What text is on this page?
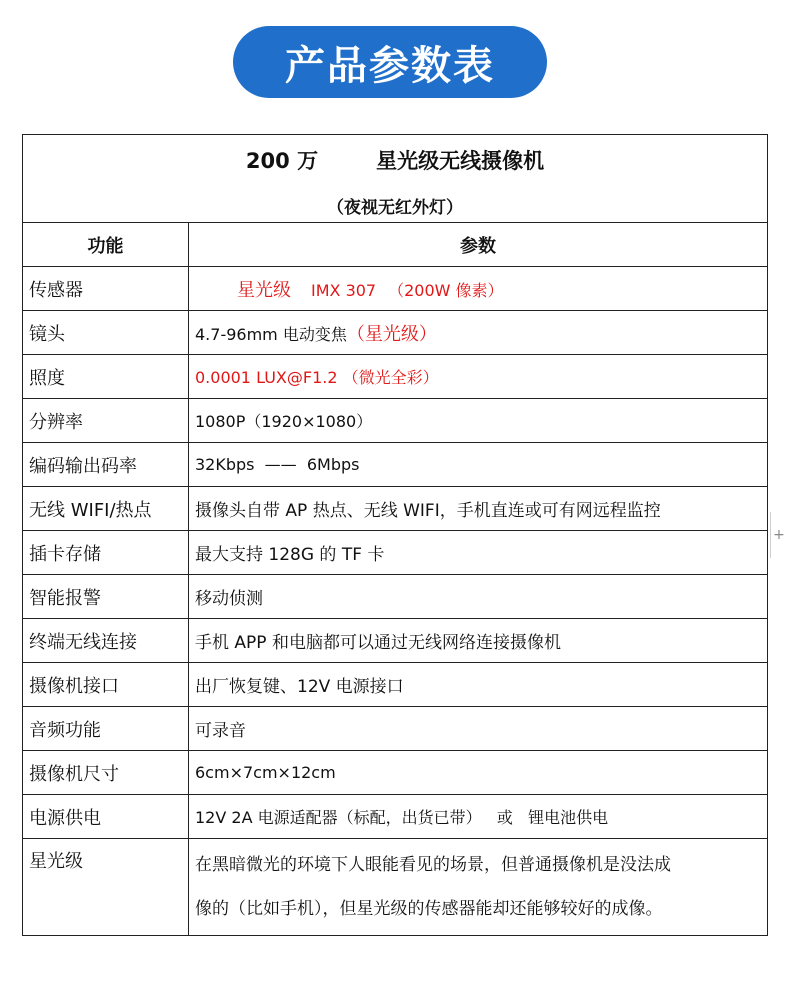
产品参数表
200 万 星光级无线摄像机
（夜视无红外灯）	

功能	参数
传感器	星光级 IMX 307 （200W 像素）
镜头	4.7-96mm 电动变焦（星光级）
照度	0.0001 LUX@F1.2 （微光全彩）
分辨率	1080P（1920×1080）
编码输出码率	32Kbps  ——  6Mbps
无线 WIFI/热点	摄像头自带 AP 热点、无线 WIFI，手机直连或可有网远程监控
插卡存储	最大支持 128G 的 TF 卡
智能报警	移动侦测
终端无线连接	手机 APP 和电脑都可以通过无线网络连接摄像机
摄像机接口	出厂恢复键、12V 电源接口
音频功能	可录音
摄像机尺寸	6cm×7cm×12cm
电源供电	12V 2A 电源适配器（标配，出货已带）   或   锂电池供电
星光级	在黑暗微光的环境下人眼能看见的场景，但普通摄像机是没法成
像的（比如手机），但星光级的传感器能却还能够较好的成像。
+
